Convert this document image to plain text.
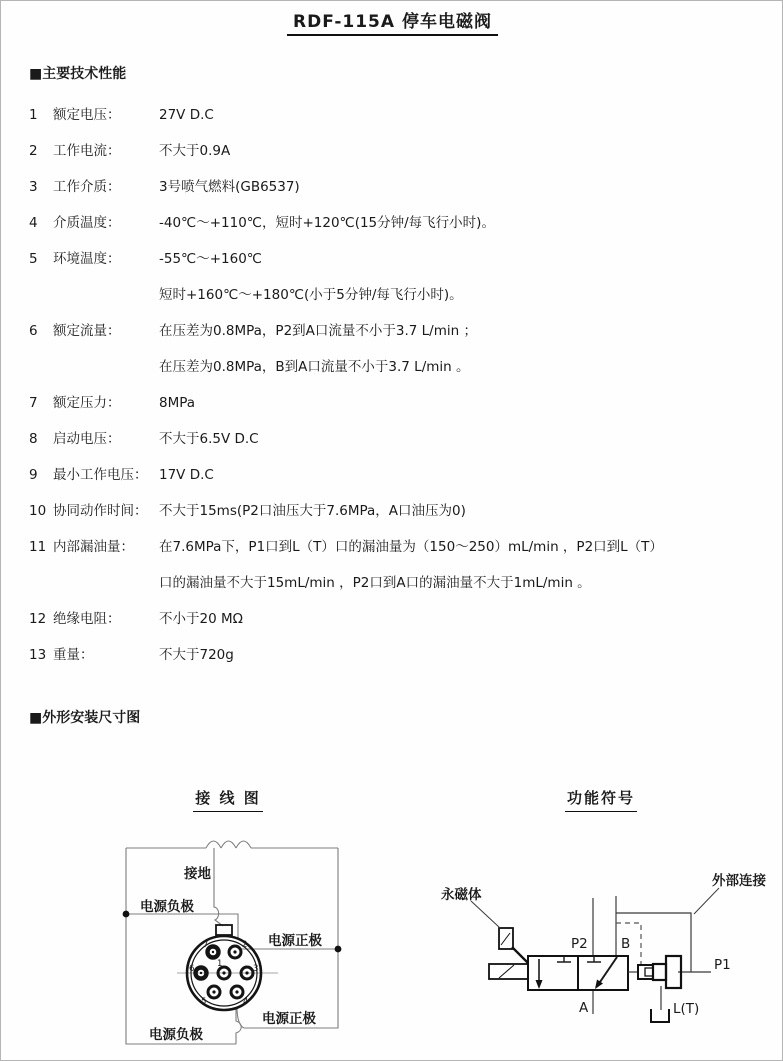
RDF-115A 停车电磁阀
■主要技术性能
1	额定电压：	27V D.C
2	工作电流：	不大于0.9A
3	工作介质：	3号喷气燃料(GB6537)
4	介质温度：	-40℃～+110℃，短时+120℃(15分钟/每飞行小时)。
5	环境温度：	-55℃～+160℃
短时+160℃～+180℃(小于5分钟/每飞行小时)。
6	额定流量：	在压差为0.8MPa，P2到A口流量不小于3.7 L/min ；
在压差为0.8MPa，B到A口流量不小于3.7 L/min 。
7	额定压力：	8MPa
8	启动电压：	不大于6.5V D.C
9	最小工作电压： 17V D.C
10 协同动作时间： 不大于15ms(P2口油压大于7.6MPa，A口油压为0)
11 内部漏油量：	在7.6MPa下，P1口到L（T）口的漏油量为（150～250）mL/min ，P2口到L（T）
口的漏油量不大于15mL/min ，P2口到A口的漏油量不大于1mL/min 。
12 绝缘电阻：	不小于20 MΩ
13 重量：	不大于720g
■外形安装尺寸图
接 线 图	功能符号
1
2
3
4
5
6
7
接地
电源负极
电源正极
电源正极
电源负极
永磁体
外部连接
P2 B
A
P1
L(T)
